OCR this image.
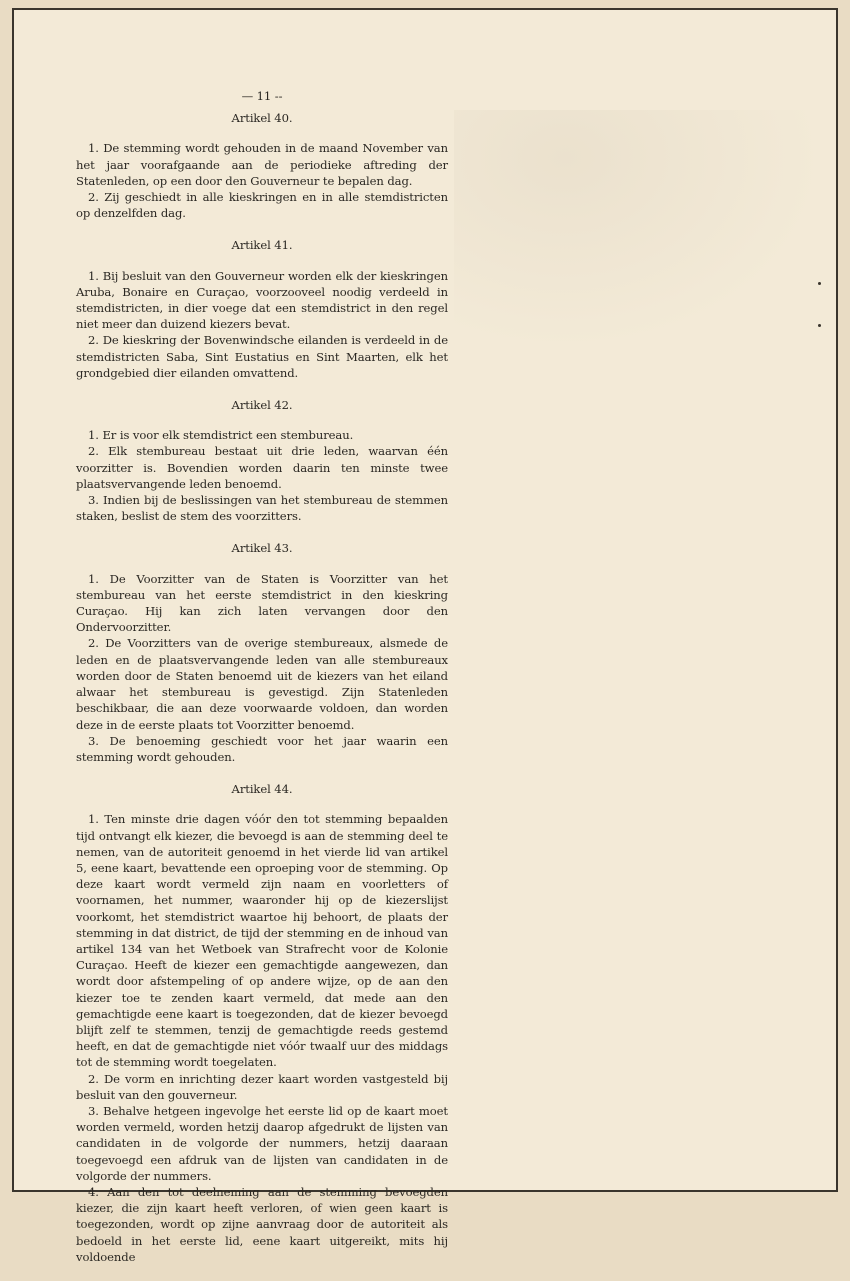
— 11 --
Artikel 40.

1. De stemming wordt gehouden in de maand November van het jaar voorafgaande aan de periodieke aftreding der Statenleden, op een door den Gouverneur te bepalen dag.

2. Zij geschiedt in alle kieskringen en in alle stemdistricten op denzelfden dag.

Artikel 41.

1. Bij besluit van den Gouverneur worden elk der kieskringen Aruba, Bonaire en Curaçao, voorzooveel noodig verdeeld in stemdistricten, in dier voege dat een stemdistrict in den regel niet meer dan duizend kiezers bevat.

2. De kieskring der Bovenwindsche eilanden is verdeeld in de stemdistricten Saba, Sint Eustatius en Sint Maarten, elk het grondgebied dier eilanden omvattend.

Artikel 42.

1. Er is voor elk stemdistrict een stembureau.

2. Elk stembureau bestaat uit drie leden, waarvan één voorzitter is. Bovendien worden daarin ten minste twee plaatsvervangende leden benoemd.

3. Indien bij de beslissingen van het stembureau de stemmen staken, beslist de stem des voorzitters.

Artikel 43.

1. De Voorzitter van de Staten is Voorzitter van het stembureau van het eerste stemdistrict in den kieskring Curaçao. Hij kan zich laten vervangen door den Ondervoorzitter.

2. De Voorzitters van de overige stembureaux, alsmede de leden en de plaatsvervangende leden van alle stembureaux worden door de Staten benoemd uit de kiezers van het eiland alwaar het stembureau is gevestigd. Zijn Statenleden beschikbaar, die aan deze voorwaarde voldoen, dan worden deze in de eerste plaats tot Voorzitter benoemd.

3. De benoeming geschiedt voor het jaar waarin een stemming wordt gehouden.

Artikel 44.

1. Ten minste drie dagen vóór den tot stemming bepaalden tijd ontvangt elk kiezer, die bevoegd is aan de stemming deel te nemen, van de autoriteit genoemd in het vierde lid van artikel 5, eene kaart, bevattende een oproeping voor de stemming. Op deze kaart wordt vermeld zijn naam en voorletters of voornamen, het nummer, waaronder hij op de kiezerslijst voorkomt, het stemdistrict waartoe hij behoort, de plaats der stemming in dat district, de tijd der stemming en de inhoud van artikel 134 van het Wetboek van Strafrecht voor de Kolonie Curaçao. Heeft de kiezer een gemachtigde aangewezen, dan wordt door afstempeling of op andere wijze, op de aan den kiezer toe te zenden kaart vermeld, dat mede aan den gemachtigde eene kaart is toegezonden, dat de kiezer bevoegd blijft zelf te stemmen, tenzij de gemachtigde reeds gestemd heeft, en dat de gemachtigde niet vóór twaalf uur des middags tot de stemming wordt toegelaten.

2. De vorm en inrichting dezer kaart worden vastgesteld bij besluit van den gouverneur.

3. Behalve hetgeen ingevolge het eerste lid op de kaart moet worden vermeld, worden hetzij daarop afgedrukt de lijsten van candidaten in de volgorde der nummers, hetzij daaraan toegevoegd een afdruk van de lijsten van candidaten in de volgorde der nummers.

4. Aan den tot deelneming aan de stemming bevoegden kiezer, die zijn kaart heeft verloren, of wien geen kaart is toegezonden, wordt op zijne aanvraag door de autoriteit als bedoeld in het eerste lid, eene kaart uitgereikt, mits hij voldoende
